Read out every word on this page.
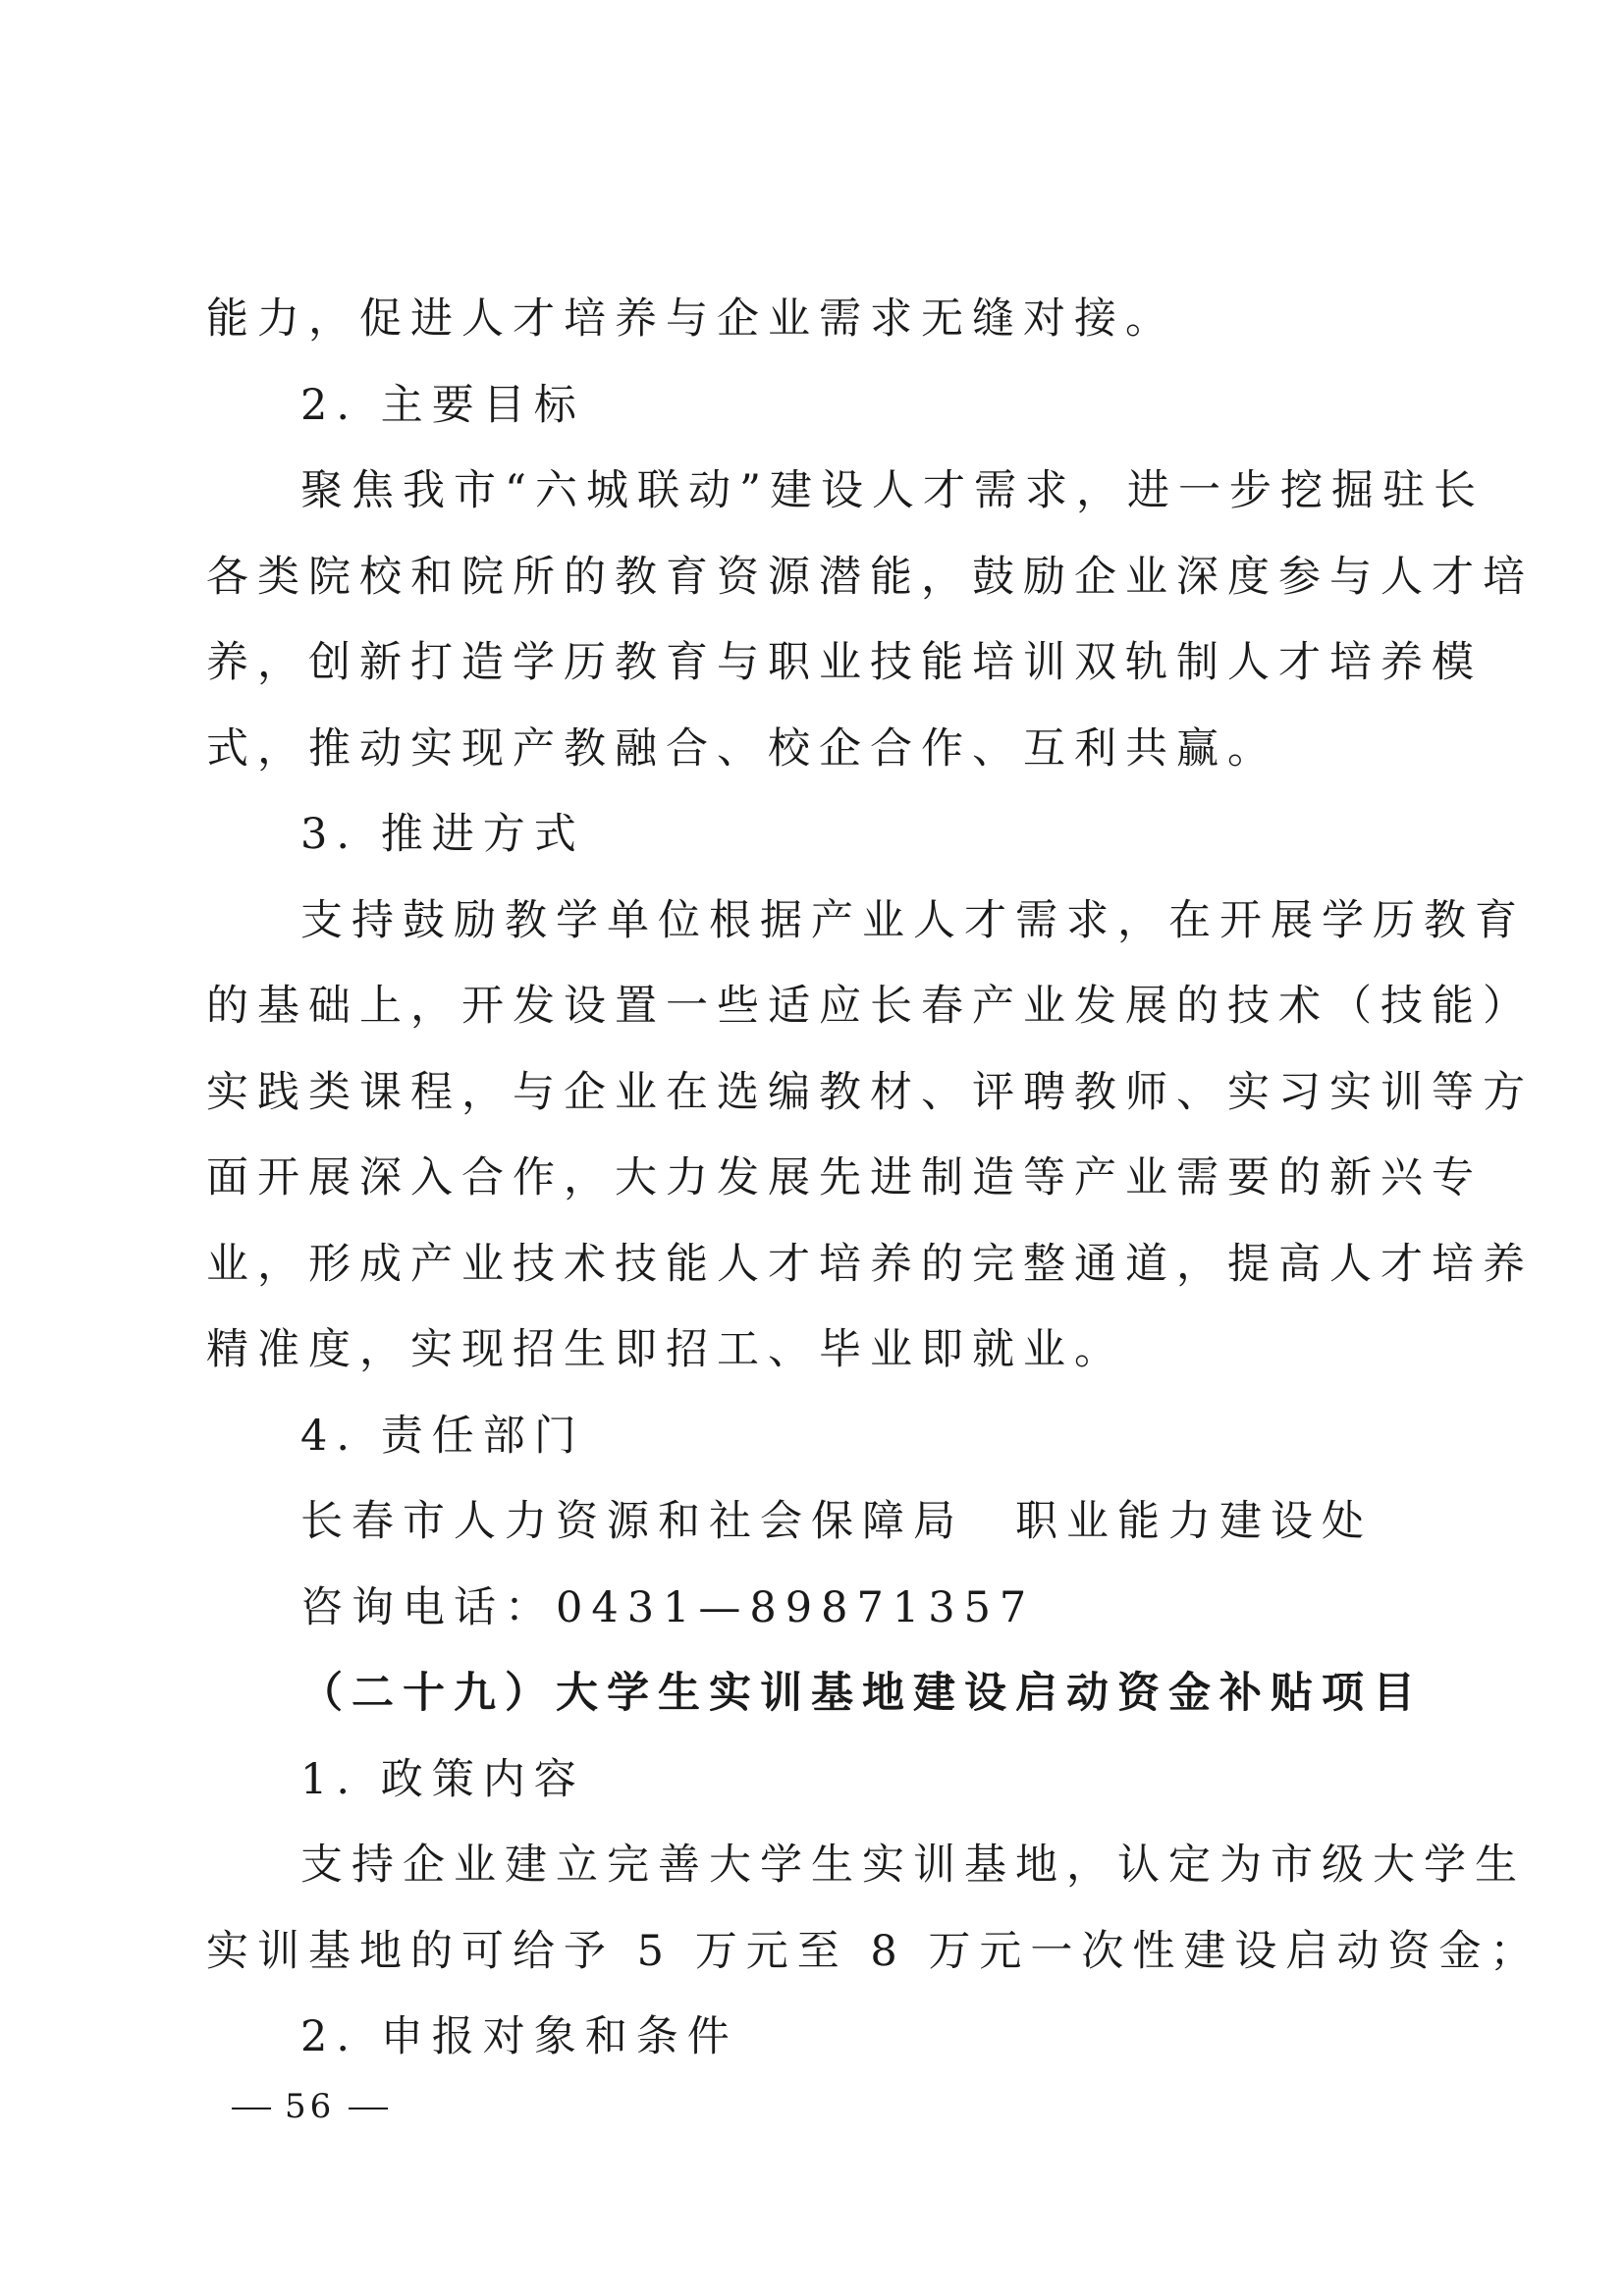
能力，促进人才培养与企业需求无缝对接。
2. 主要目标
聚焦我市“六城联动”建设人才需求，进一步挖掘驻长
各类院校和院所的教育资源潜能，鼓励企业深度参与人才培
养，创新打造学历教育与职业技能培训双轨制人才培养模
式，推动实现产教融合、校企合作、互利共赢。
3. 推进方式
支持鼓励教学单位根据产业人才需求，在开展学历教育
的基础上，开发设置一些适应长春产业发展的技术（技能）
实践类课程，与企业在选编教材、评聘教师、实习实训等方
面开展深入合作，大力发展先进制造等产业需要的新兴专
业，形成产业技术技能人才培养的完整通道，提高人才培养
精准度，实现招生即招工、毕业即就业。
4. 责任部门
长春市人力资源和社会保障局　职业能力建设处
咨询电话：0431—89871357
（二十九）大学生实训基地建设启动资金补贴项目
1. 政策内容
支持企业建立完善大学生实训基地，认定为市级大学生
实训基地的可给予 5 万元至 8 万元一次性建设启动资金；
2. 申报对象和条件
56
